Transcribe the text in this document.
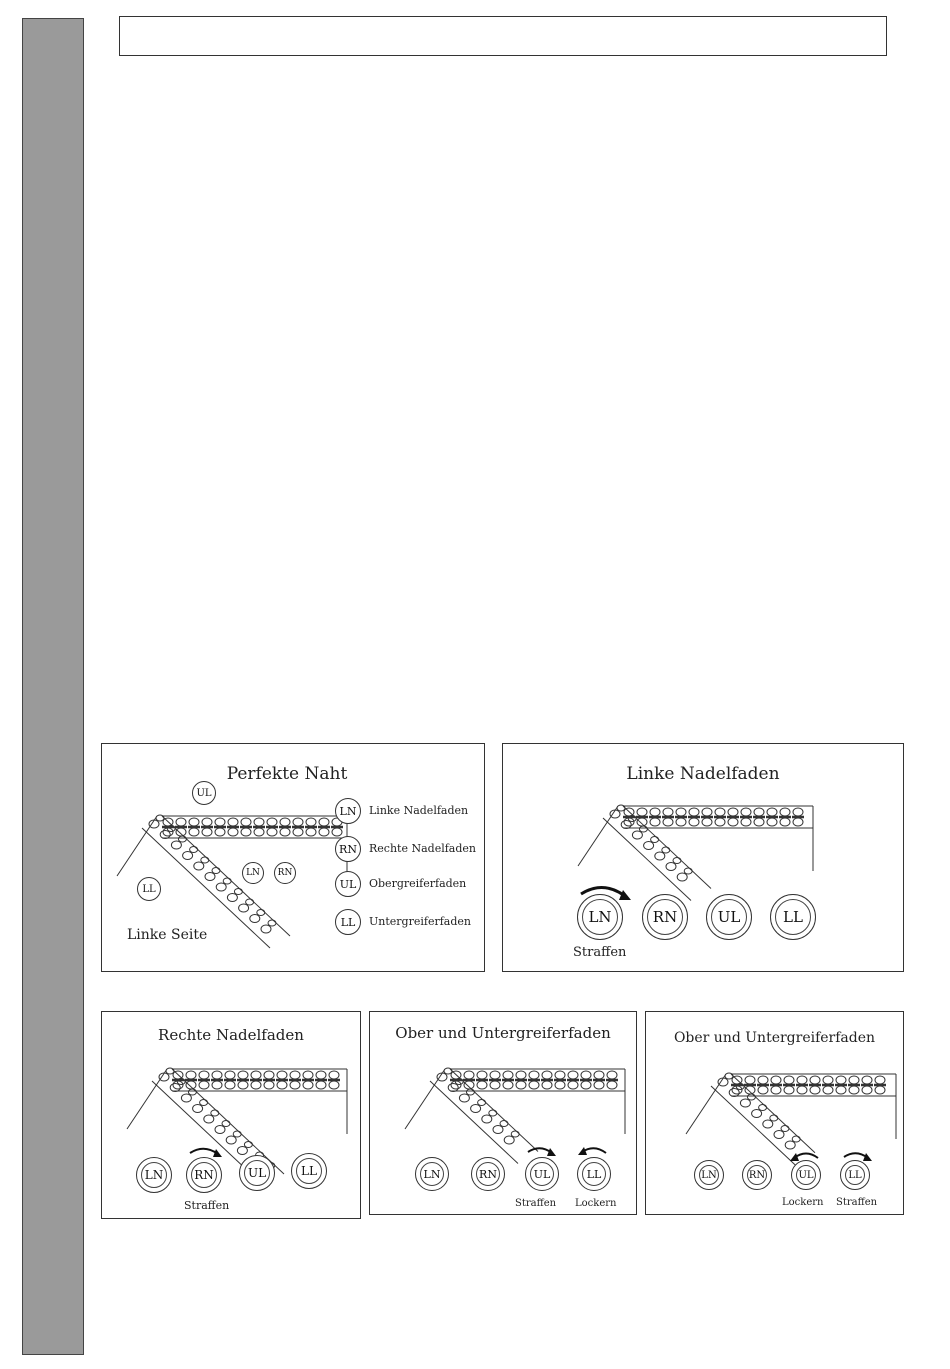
Perfekte Naht
UL
LL
LN RN
Linke Seite
LN Linke Nadelfaden
RN Rechte Nadelfaden
UL Obergreiferfaden
LL Untergreiferfaden
Linke Nadelfaden
LN	RN	UL	LL
Straffen
Rechte Nadelfaden
LN	RN	UL	LL
Straffen
Ober und Untergreiferfaden
LN	RN	UL	LL
Straffen Lockern
Ober und Untergreiferfaden
LN	RN	UL	LL
Lockern Straffen
